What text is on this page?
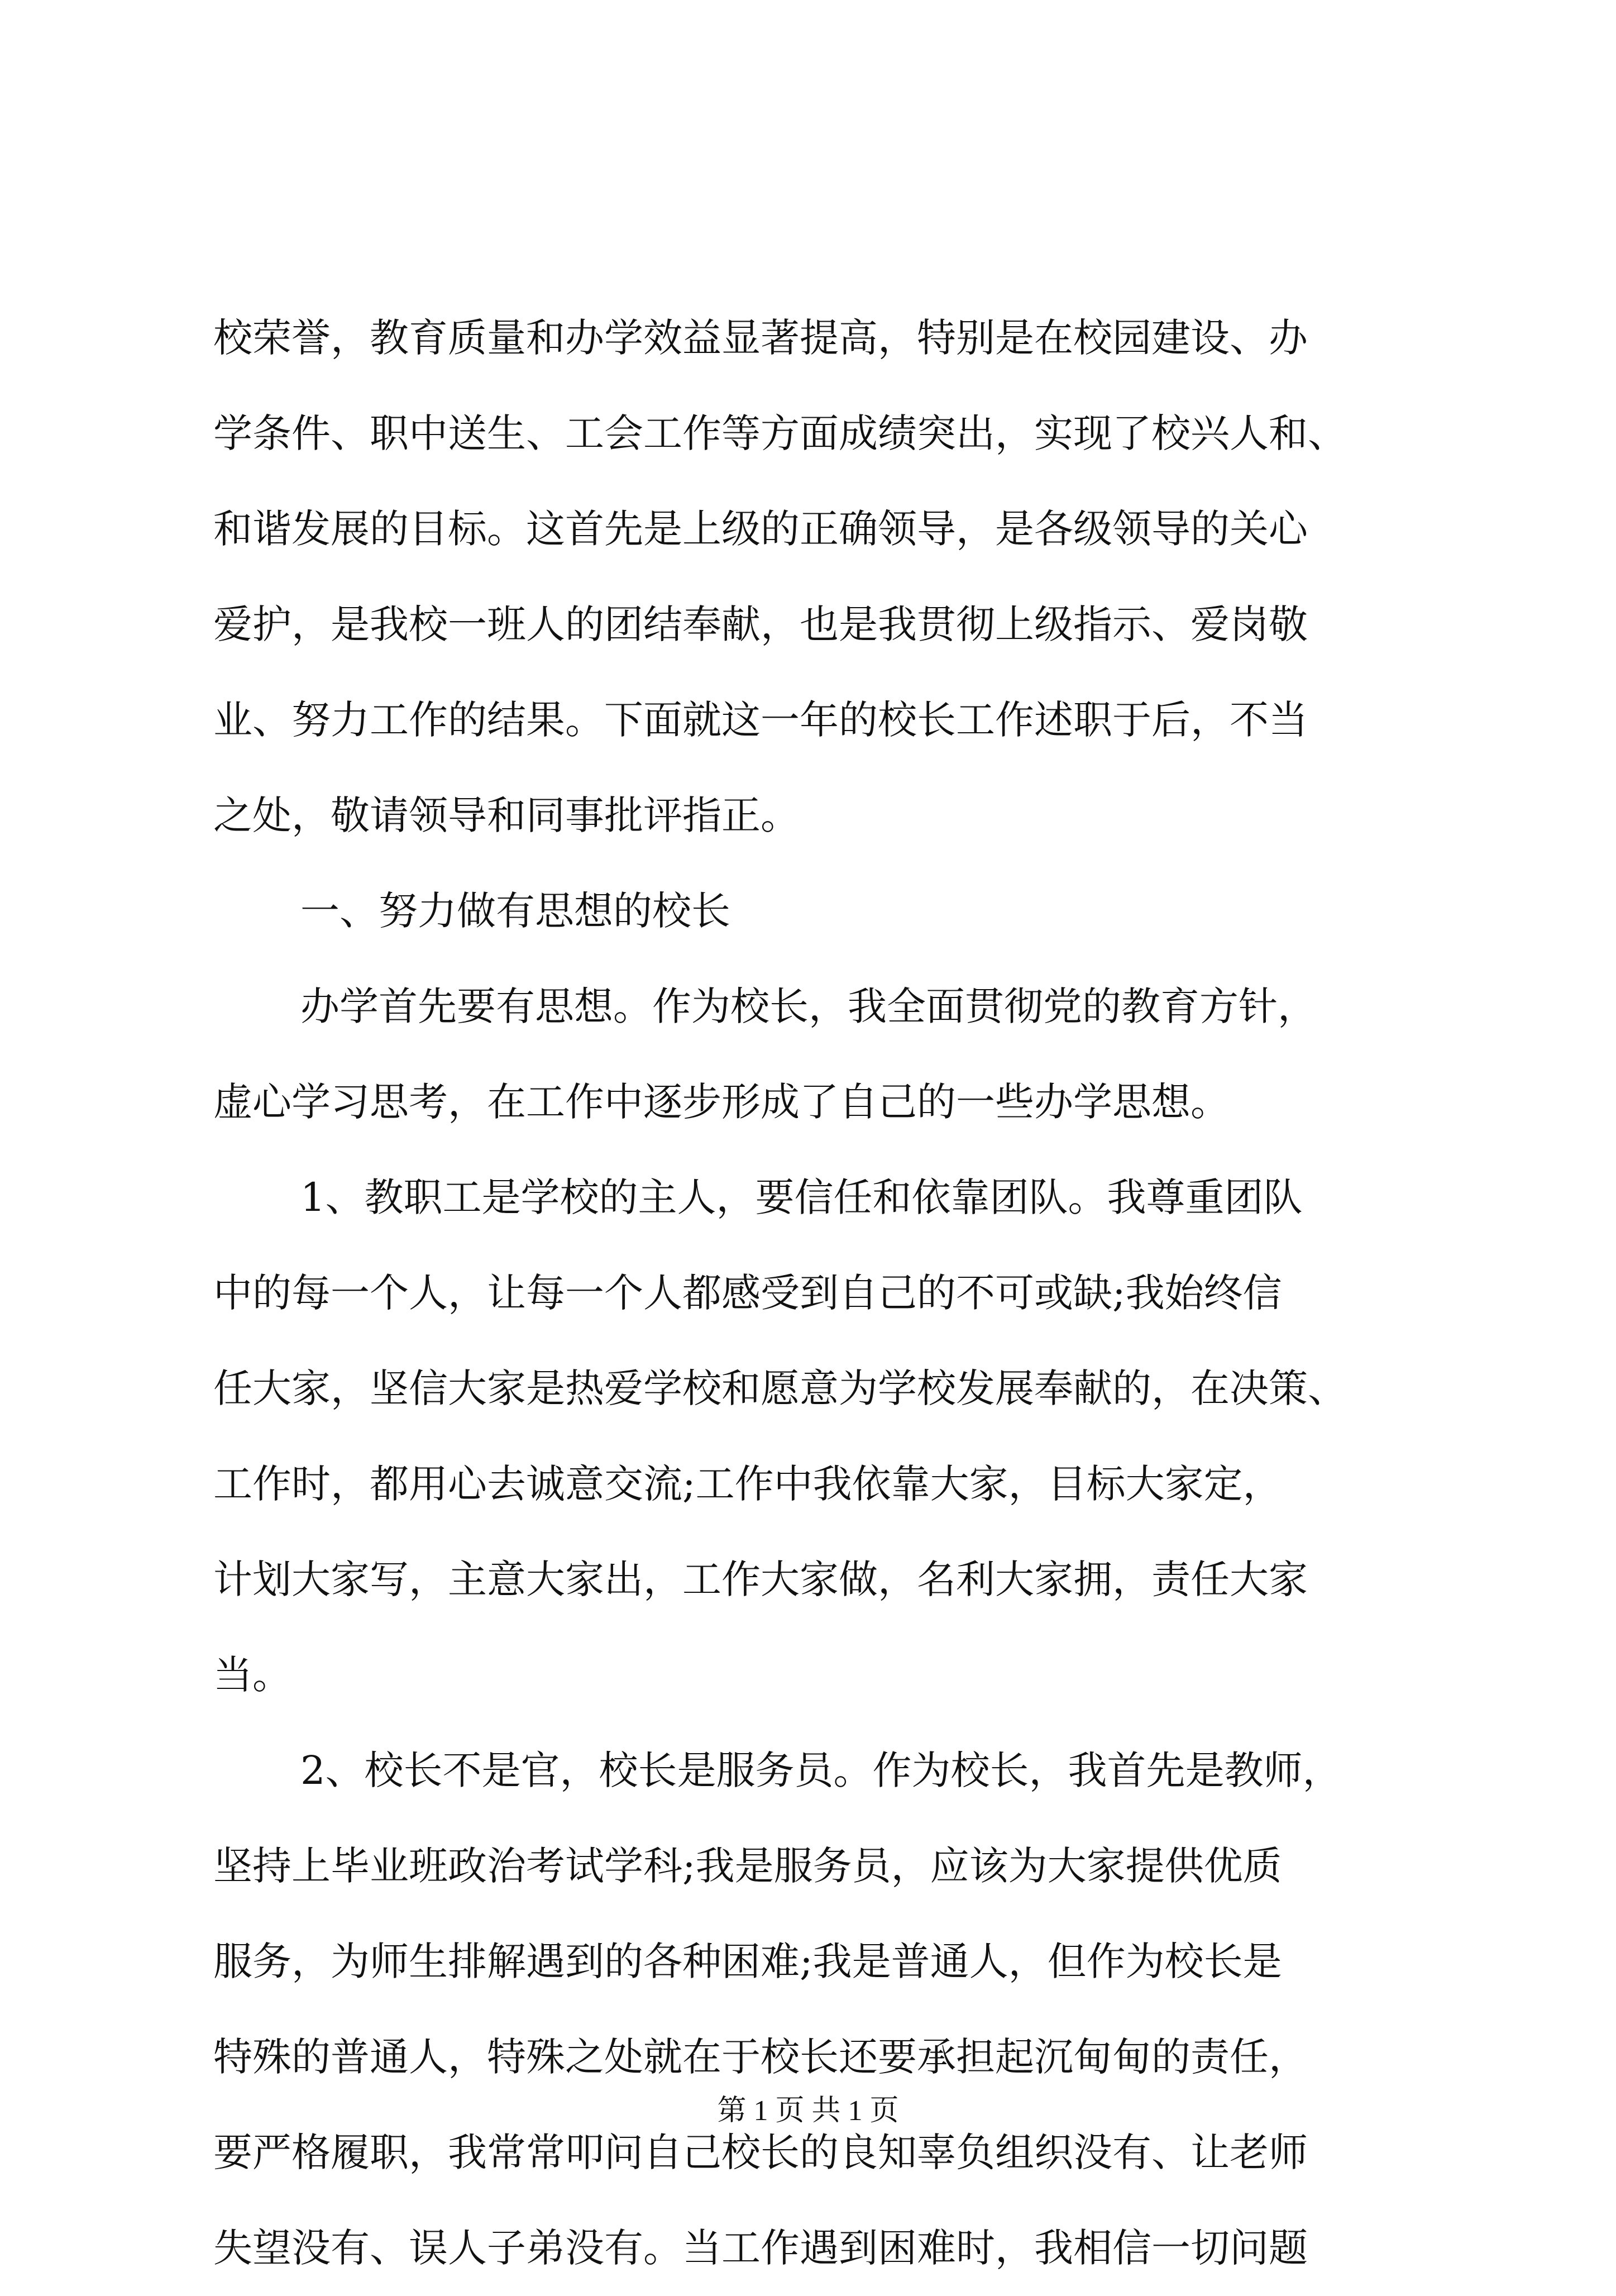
校荣誉，教育质量和办学效益显著提高，特别是在校园建设、办
学条件、职中送生、工会工作等方面成绩突出，实现了校兴人和、
和谐发展的目标。这首先是上级的正确领导，是各级领导的关心
爱护，是我校一班人的团结奉献，也是我贯彻上级指示、爱岗敬
业、努力工作的结果。下面就这一年的校长工作述职于后，不当
之处，敬请领导和同事批评指正。
一、努力做有思想的校长
办学首先要有思想。作为校长，我全面贯彻党的教育方针，
虚心学习思考，在工作中逐步形成了自己的一些办学思想。
1、教职工是学校的主人，要信任和依靠团队。我尊重团队
中的每一个人，让每一个人都感受到自己的不可或缺;我始终信
任大家，坚信大家是热爱学校和愿意为学校发展奉献的，在决策、
工作时，都用心去诚意交流;工作中我依靠大家，目标大家定，
计划大家写，主意大家出，工作大家做，名利大家拥，责任大家
当。
2、校长不是官，校长是服务员。作为校长，我首先是教师，
坚持上毕业班政治考试学科;我是服务员，应该为大家提供优质
服务，为师生排解遇到的各种困难;我是普通人，但作为校长是
特殊的普通人，特殊之处就在于校长还要承担起沉甸甸的责任，
要严格履职，我常常叩问自己校长的良知辜负组织没有、让老师
失望没有、误人子弟没有。当工作遇到困难时，我相信一切问题
第 1 页 共 1 页
